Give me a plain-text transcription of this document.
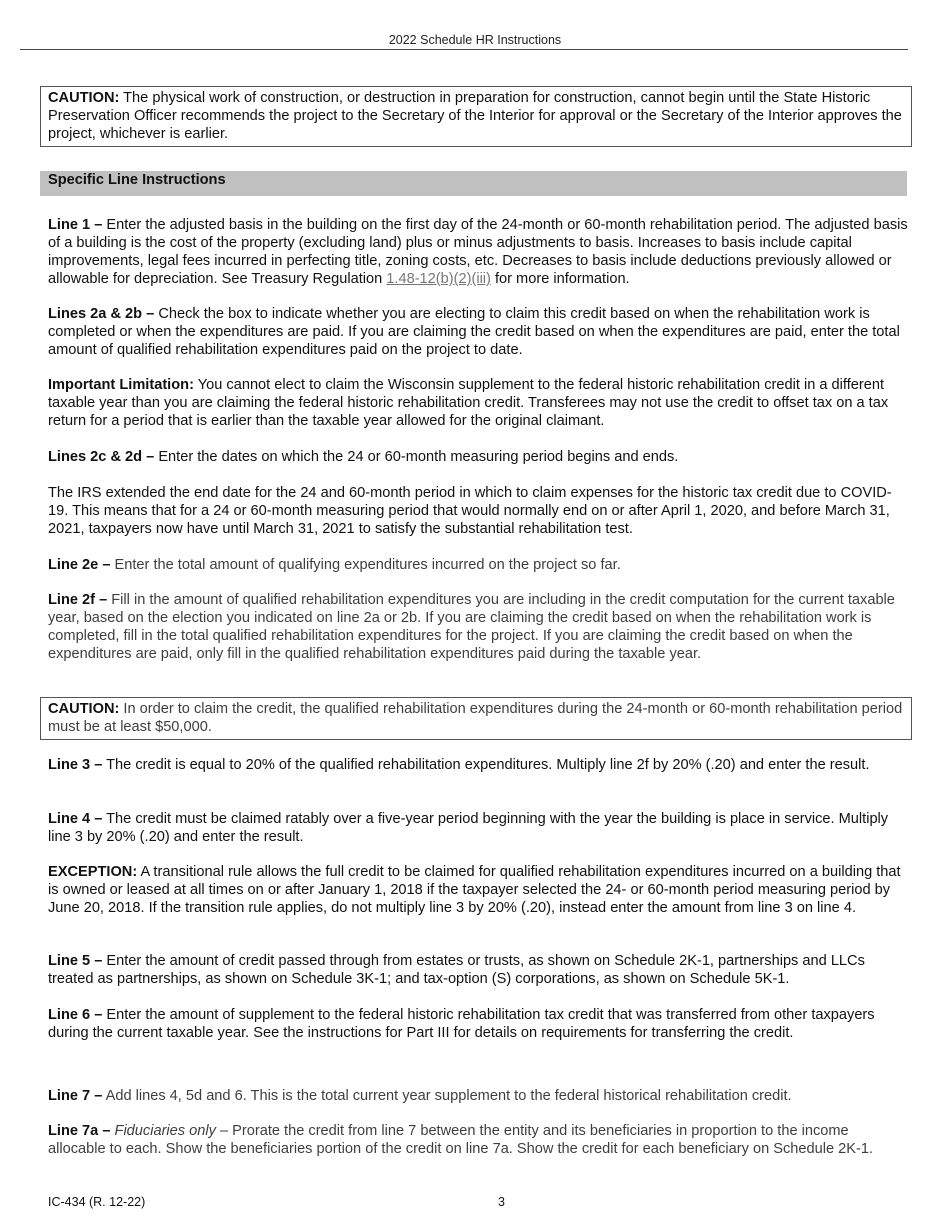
2022 Schedule HR Instructions
CAUTION: The physical work of construction, or destruction in preparation for construction, cannot begin until the State Historic Preservation Officer recommends the project to the Secretary of the Interior for approval or the Secretary of the Interior approves the project, whichever is earlier.
Specific Line Instructions
Line 1 – Enter the adjusted basis in the building on the first day of the 24-month or 60-month rehabilitation period. The adjusted basis of a building is the cost of the property (excluding land) plus or minus adjustments to basis. Increases to basis include capital improvements, legal fees incurred in perfecting title, zoning costs, etc. Decreases to basis include deductions previously allowed or allowable for depreciation. See Treasury Regulation 1.48-12(b)(2)(iii) for more information.
Lines 2a & 2b – Check the box to indicate whether you are electing to claim this credit based on when the rehabilitation work is completed or when the expenditures are paid. If you are claiming the credit based on when the expenditures are paid, enter the total amount of qualified rehabilitation expenditures paid on the project to date.
Important Limitation: You cannot elect to claim the Wisconsin supplement to the federal historic rehabilitation credit in a different taxable year than you are claiming the federal historic rehabilitation credit. Transferees may not use the credit to offset tax on a tax return for a period that is earlier than the taxable year allowed for the original claimant.
Lines 2c & 2d – Enter the dates on which the 24 or 60-month measuring period begins and ends.
The IRS extended the end date for the 24 and 60-month period in which to claim expenses for the historic tax credit due to COVID-19. This means that for a 24 or 60-month measuring period that would normally end on or after April 1, 2020, and before March 31, 2021, taxpayers now have until March 31, 2021 to satisfy the substantial rehabilitation test.
Line 2e – Enter the total amount of qualifying expenditures incurred on the project so far.
Line 2f – Fill in the amount of qualified rehabilitation expenditures you are including in the credit computation for the current taxable year, based on the election you indicated on line 2a or 2b. If you are claiming the credit based on when the rehabilitation work is completed, fill in the total qualified rehabilitation expenditures for the project. If you are claiming the credit based on when the expenditures are paid, only fill in the qualified rehabilitation expenditures paid during the taxable year.
CAUTION: In order to claim the credit, the qualified rehabilitation expenditures during the 24-month or 60-month rehabilitation period must be at least $50,000.
Line 3 – The credit is equal to 20% of the qualified rehabilitation expenditures. Multiply line 2f by 20% (.20) and enter the result.
Line 4 – The credit must be claimed ratably over a five-year period beginning with the year the building is place in service. Multiply line 3 by 20% (.20) and enter the result.
EXCEPTION: A transitional rule allows the full credit to be claimed for qualified rehabilitation expenditures incurred on a building that is owned or leased at all times on or after January 1, 2018 if the taxpayer selected the 24- or 60-month period measuring period by June 20, 2018. If the transition rule applies, do not multiply line 3 by 20% (.20), instead enter the amount from line 3 on line 4.
Line 5 – Enter the amount of credit passed through from estates or trusts, as shown on Schedule 2K-1, partnerships and LLCs treated as partnerships, as shown on Schedule 3K-1; and tax-option (S) corporations, as shown on Schedule 5K-1.
Line 6 – Enter the amount of supplement to the federal historic rehabilitation tax credit that was transferred from other taxpayers during the current taxable year. See the instructions for Part III for details on requirements for transferring the credit.
Line 7 – Add lines 4, 5d and 6. This is the total current year supplement to the federal historical rehabilitation credit.
Line 7a – Fiduciaries only – Prorate the credit from line 7 between the entity and its beneficiaries in proportion to the income allocable to each. Show the beneficiaries portion of the credit on line 7a. Show the credit for each beneficiary on Schedule 2K-1.
IC-434 (R. 12-22)	3
